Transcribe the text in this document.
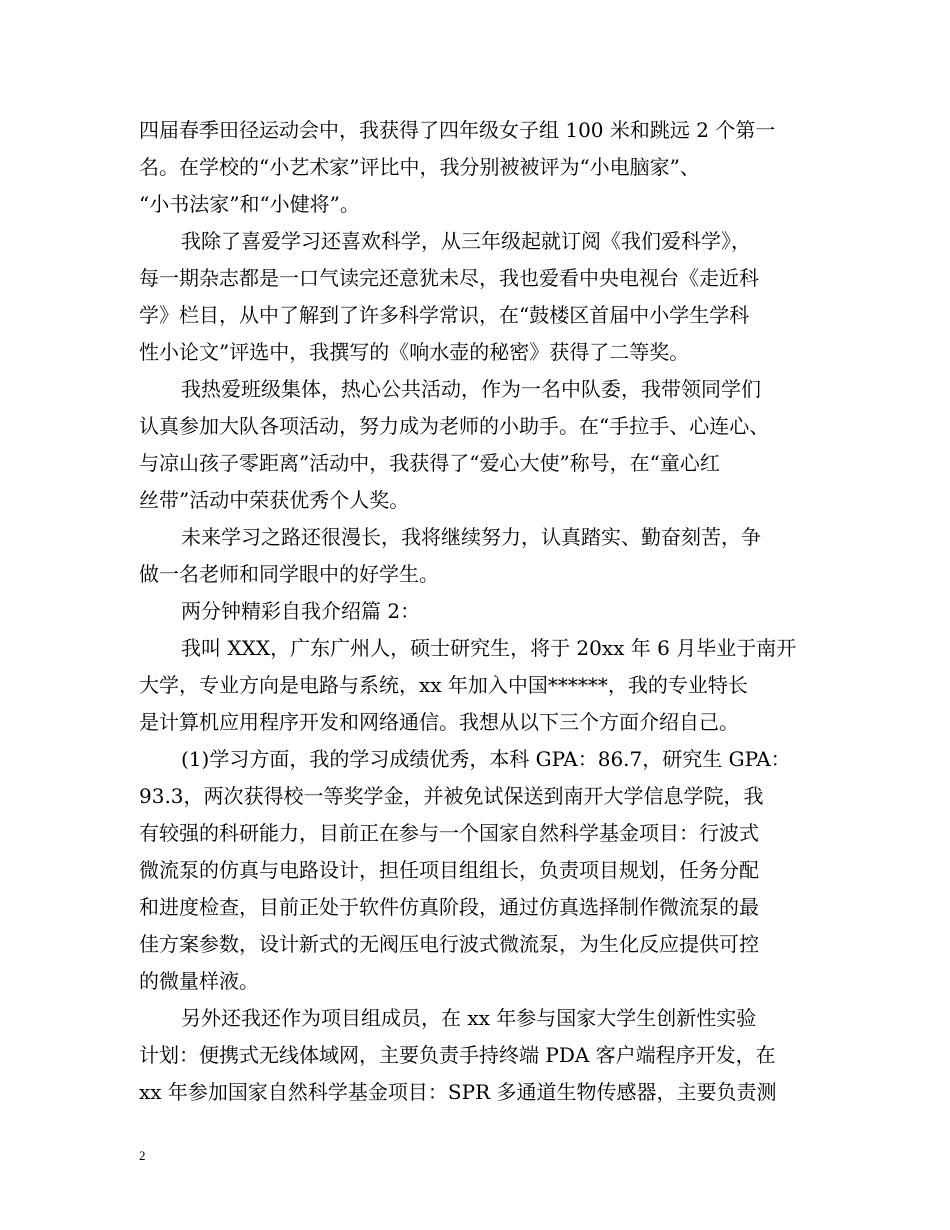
四届春季田径运动会中，我获得了四年级女子组 100 米和跳远 2 个第一
名。在学校的“小艺术家”评比中，我分别被被评为“小电脑家”、
“小书法家”和“小健将”。
我除了喜爱学习还喜欢科学，从三年级起就订阅《我们爱科学》，
每一期杂志都是一口气读完还意犹未尽，我也爱看中央电视台《走近科
学》栏目，从中了解到了许多科学常识，在“鼓楼区首届中小学生学科
性小论文”评选中，我撰写的《响水壶的秘密》获得了二等奖。
我热爱班级集体，热心公共活动，作为一名中队委，我带领同学们
认真参加大队各项活动，努力成为老师的小助手。在“手拉手、心连心、
与凉山孩子零距离”活动中，我获得了“爱心大使”称号，在“童心红
丝带”活动中荣获优秀个人奖。
未来学习之路还很漫长，我将继续努力，认真踏实、勤奋刻苦，争
做一名老师和同学眼中的好学生。
两分钟精彩自我介绍篇 2：
我叫 XXX，广东广州人，硕士研究生，将于 20xx 年 6 月毕业于南开
大学，专业方向是电路与系统，xx 年加入中国******，我的专业特长
是计算机应用程序开发和网络通信。我想从以下三个方面介绍自己。
(1)学习方面，我的学习成绩优秀，本科 GPA：86.7，研究生 GPA：
93.3，两次获得校一等奖学金，并被免试保送到南开大学信息学院，我
有较强的科研能力，目前正在参与一个国家自然科学基金项目：行波式
微流泵的仿真与电路设计，担任项目组组长，负责项目规划，任务分配
和进度检查，目前正处于软件仿真阶段，通过仿真选择制作微流泵的最
佳方案参数，设计新式的无阀压电行波式微流泵，为生化反应提供可控
的微量样液。
另外还我还作为项目组成员，在 xx 年参与国家大学生创新性实验
计划：便携式无线体域网，主要负责手持终端 PDA 客户端程序开发，在
xx 年参加国家自然科学基金项目：SPR 多通道生物传感器，主要负责测
2
